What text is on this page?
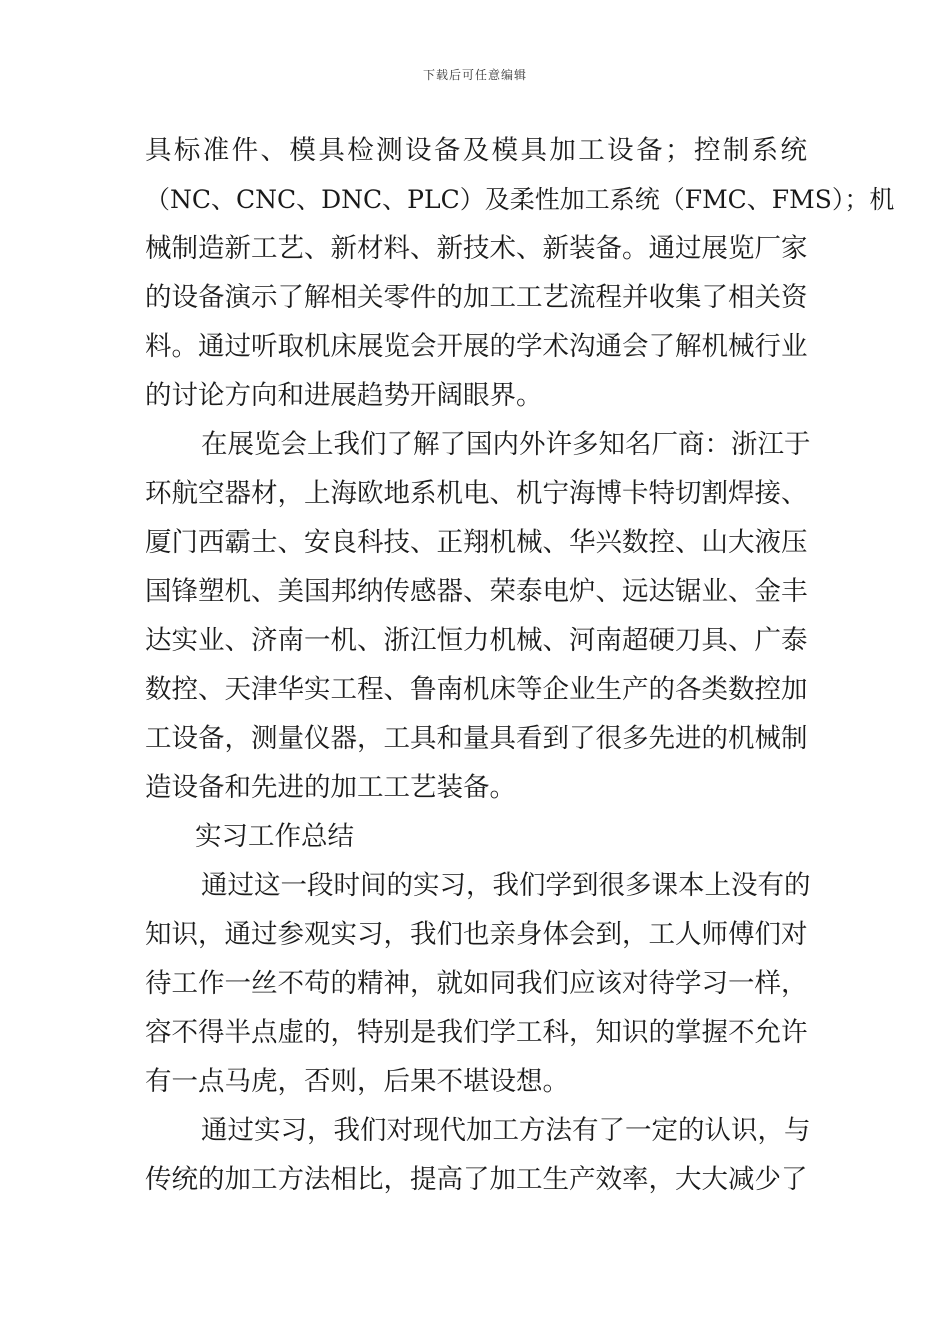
下载后可任意编辑
具标准件、模具检测设备及模具加工设备；控制系统
（NC、CNC、DNC、PLC）及柔性加工系统（FMC、FMS）；机
械制造新工艺、新材料、新技术、新装备。通过展览厂家
的设备演示了解相关零件的加工工艺流程并收集了相关资
料。通过听取机床展览会开展的学术沟通会了解机械行业
的讨论方向和进展趋势开阔眼界。
在展览会上我们了解了国内外许多知名厂商：浙江于
环航空器材，上海欧地系机电、机宁海博卡特切割焊接、
厦门西霸士、安良科技、正翔机械、华兴数控、山大液压
国锋塑机、美国邦纳传感器、荣泰电炉、远达锯业、金丰
达实业、济南一机、浙江恒力机械、河南超硬刀具、广泰
数控、天津华实工程、鲁南机床等企业生产的各类数控加
工设备，测量仪器，工具和量具看到了很多先进的机械制
造设备和先进的加工工艺装备。
实习工作总结
通过这一段时间的实习，我们学到很多课本上没有的
知识，通过参观实习，我们也亲身体会到，工人师傅们对
待工作一丝不苟的精神，就如同我们应该对待学习一样，
容不得半点虚的，特别是我们学工科，知识的掌握不允许
有一点马虎，否则，后果不堪设想。
通过实习，我们对现代加工方法有了一定的认识，与
传统的加工方法相比，提高了加工生产效率，大大减少了
